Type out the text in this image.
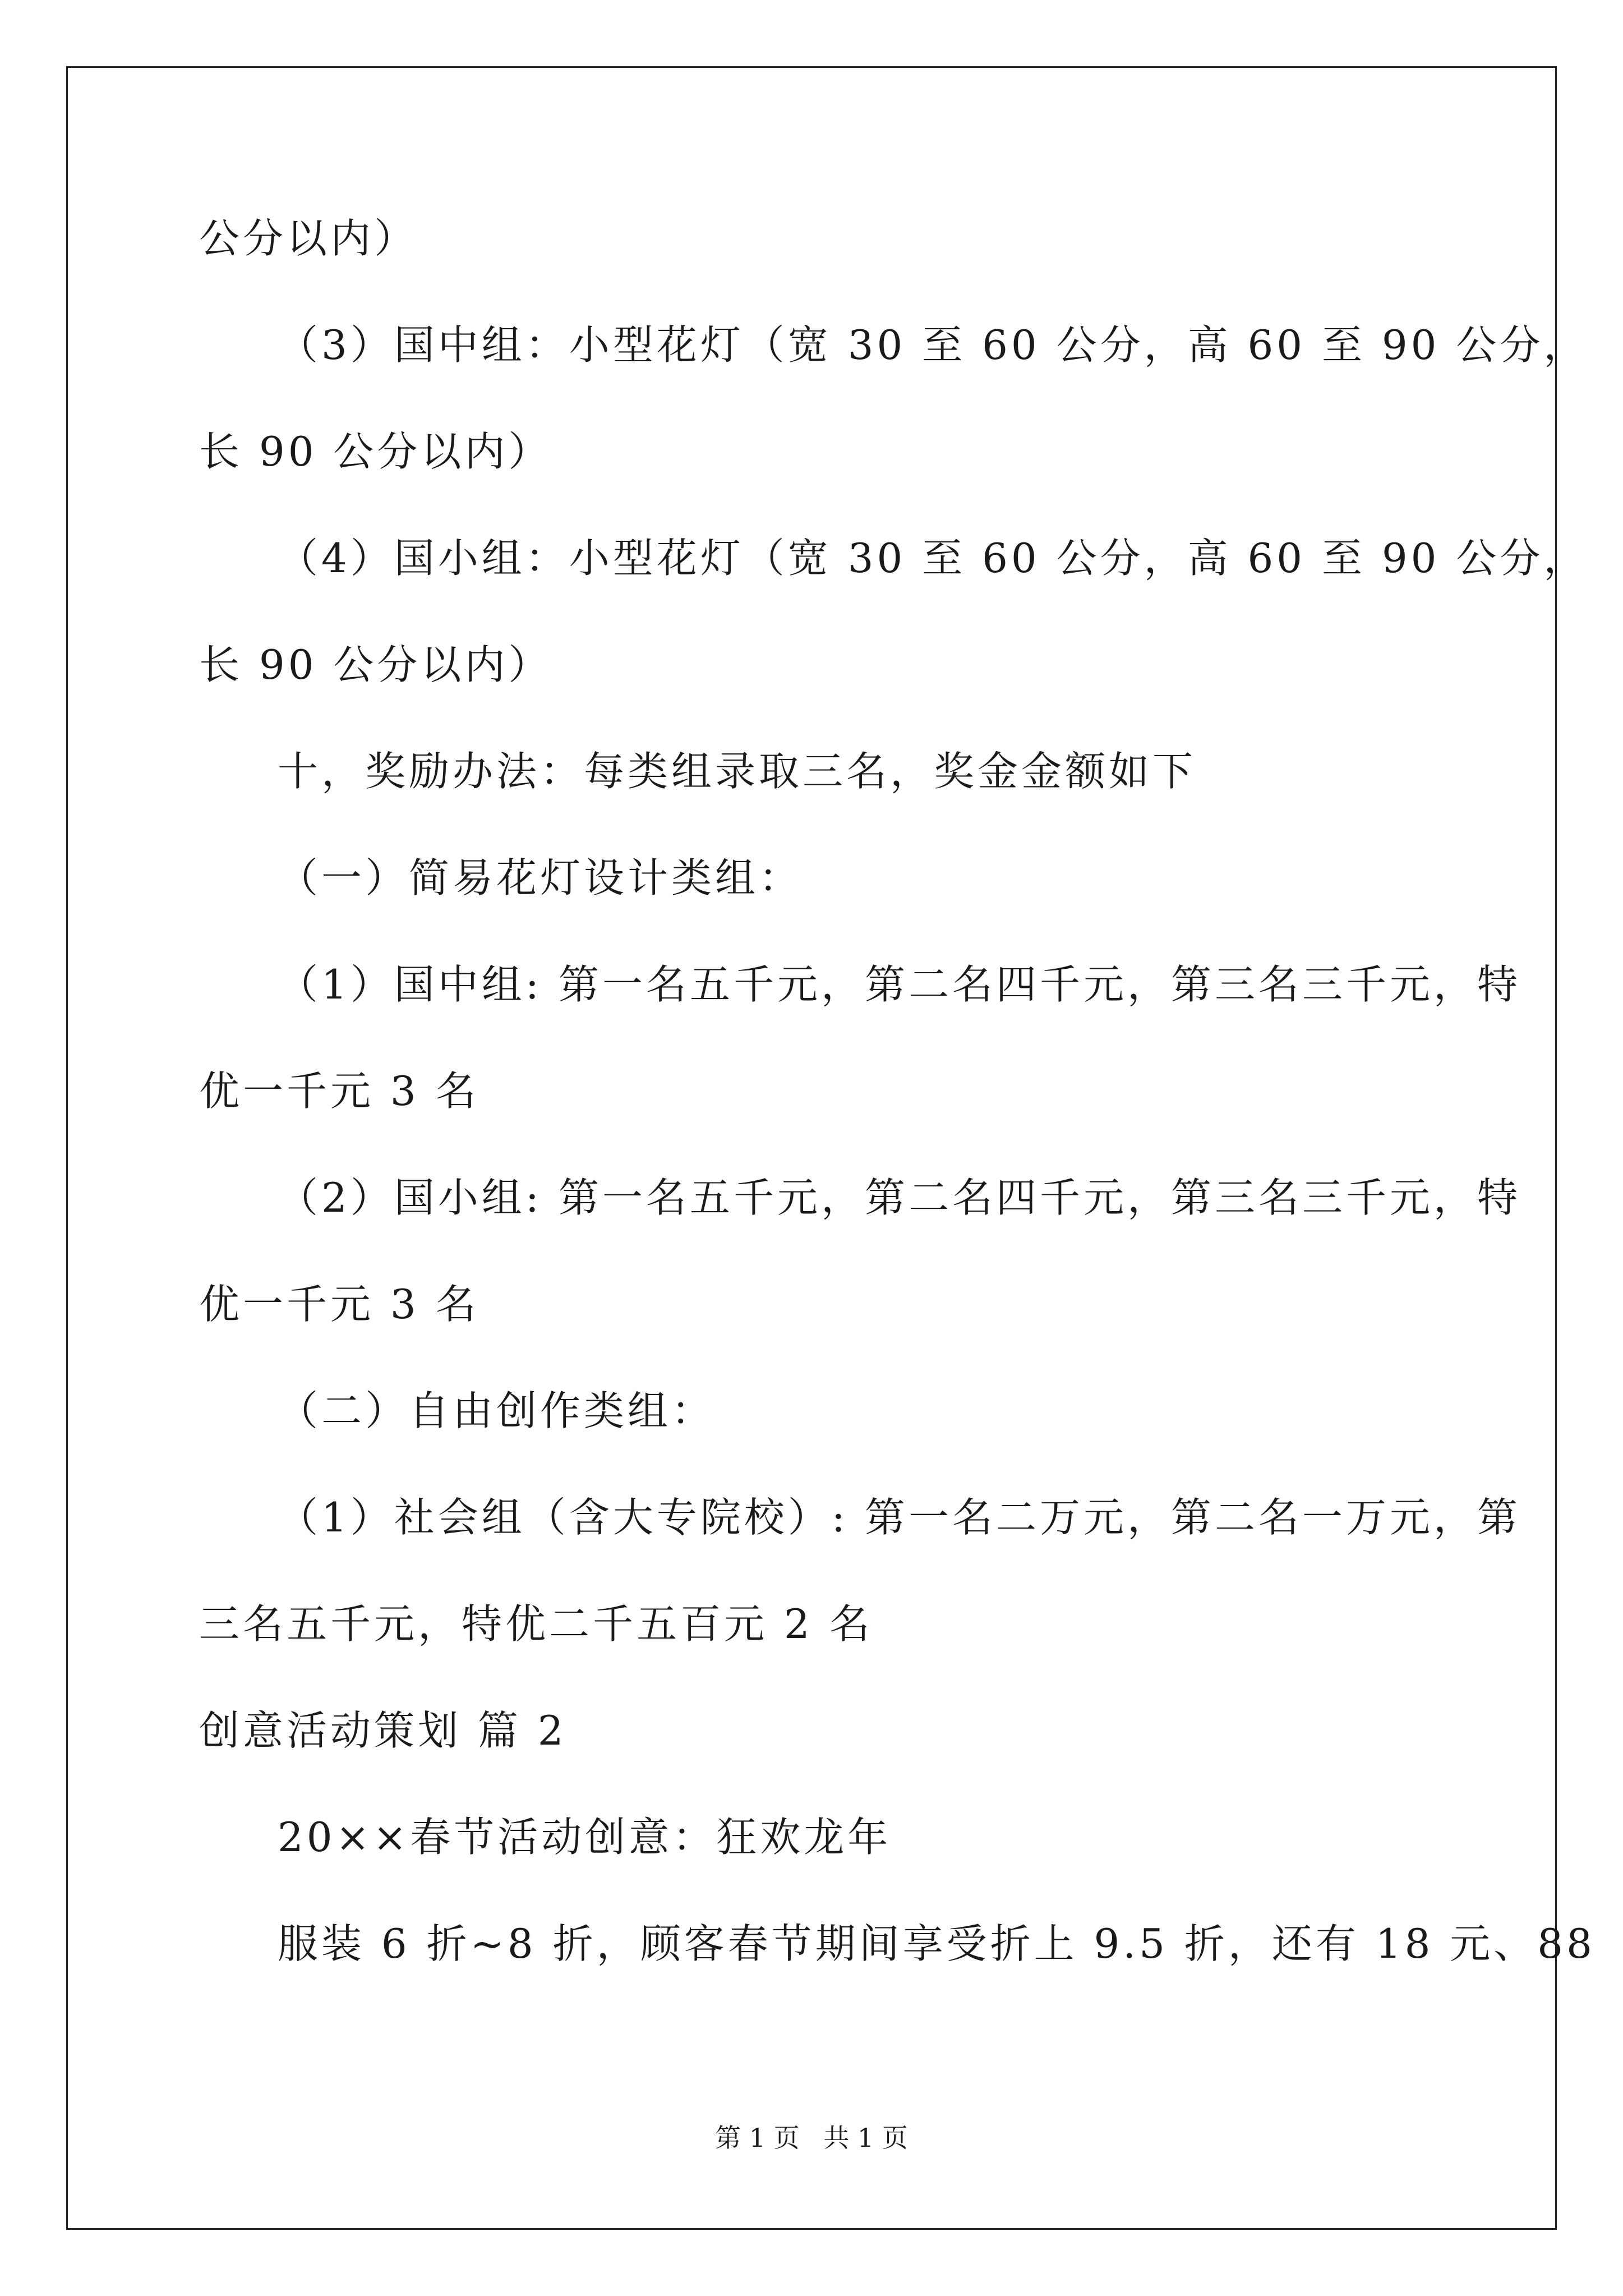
公分以内）
（3）国中组：小型花灯（宽 30 至 60 公分，高 60 至 90 公分，
长 90 公分以内）
（4）国小组：小型花灯（宽 30 至 60 公分，高 60 至 90 公分，
长 90 公分以内）
十，奖励办法：每类组录取三名，奖金金额如下
（一）简易花灯设计类组：
（1）国中组: 第一名五千元，第二名四千元，第三名三千元，特
优一千元 3 名
（2）国小组: 第一名五千元，第二名四千元，第三名三千元，特
优一千元 3 名
（二）自由创作类组：
（1）社会组（含大专院校）: 第一名二万元，第二名一万元，第
三名五千元，特优二千五百元 2 名
创意活动策划 篇 2
20××春节活动创意：狂欢龙年
服装 6 折~8 折，顾客春节期间享受折上 9.5 折，还有 18 元、88
第 1 页 共 1 页
